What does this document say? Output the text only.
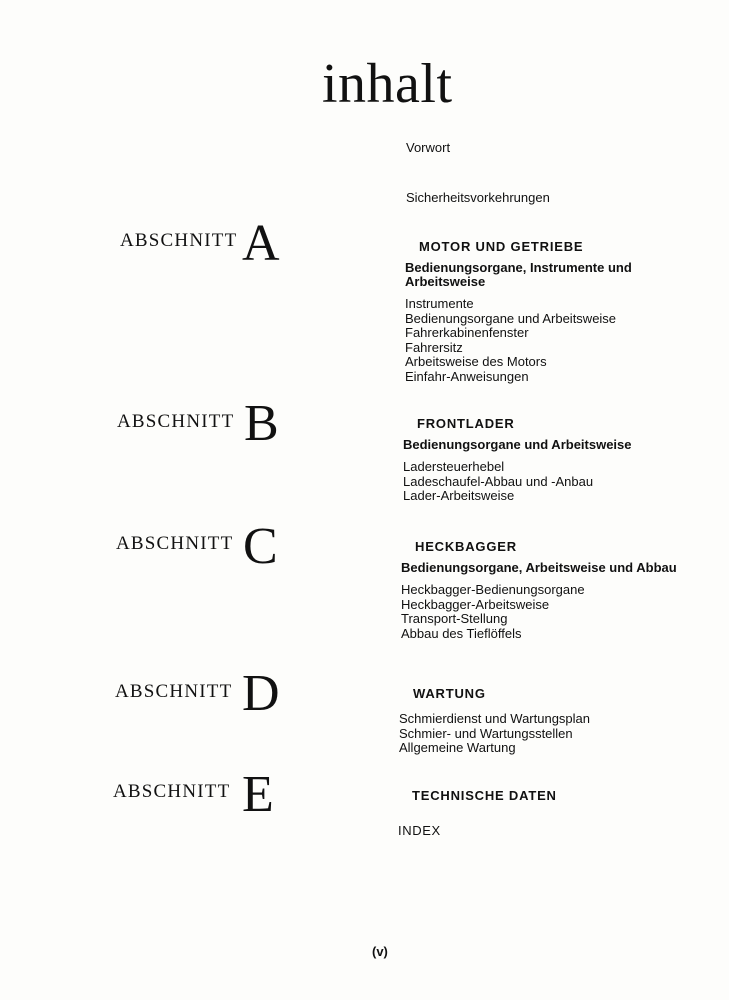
inhalt
Vorwort
Sicherheitsvorkehrungen
ABSCHNITT A	MOTOR UND GETRIEBE
Bedienungsorgane, Instrumente und Arbeitsweise
Instrumente
Bedienungsorgane und Arbeitsweise
Fahrerkabinenfenster
Fahrersitz
Arbeitsweise des Motors
Einfahr-Anweisungen
ABSCHNITT B	FRONTLADER
Bedienungsorgane und Arbeitsweise
Ladersteuerhebel
Ladeschaufel-Abbau und -Anbau
Lader-Arbeitsweise
ABSCHNITT C	HECKBAGGER
Bedienungsorgane, Arbeitsweise und Abbau
Heckbagger-Bedienungsorgane
Heckbagger-Arbeitsweise
Transport-Stellung
Abbau des Tieflöffels
ABSCHNITT D	WARTUNG
Schmierdienst und Wartungsplan
Schmier- und Wartungsstellen
Allgemeine Wartung
ABSCHNITT E	TECHNISCHE DATEN
INDEX
(v)
